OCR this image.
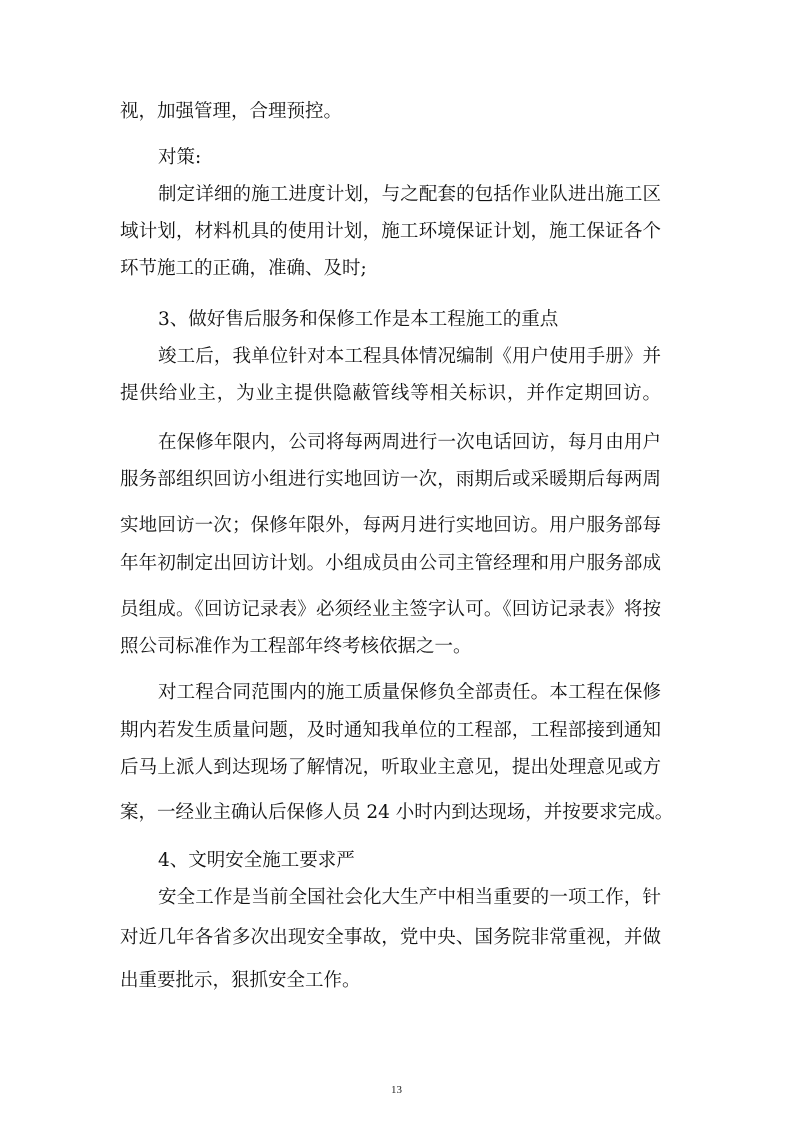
视，加强管理，合理预控。

对策:

制定详细的施工进度计划，与之配套的包括作业队进出施工区

域计划，材料机具的使用计划，施工环境保证计划，施工保证各个

环节施工的正确，准确、及时;

3、做好售后服务和保修工作是本工程施工的重点

竣工后，我单位针对本工程具体情况编制《用户使用手册》并

提供给业主，为业主提供隐蔽管线等相关标识，并作定期回访。

在保修年限内，公司将每两周进行一次电话回访，每月由用户

服务部组织回访小组进行实地回访一次，雨期后或采暖期后每两周

实地回访一次；保修年限外，每两月进行实地回访。用户服务部每

年年初制定出回访计划。小组成员由公司主管经理和用户服务部成

员组成。《回访记录表》必须经业主签字认可。《回访记录表》将按

照公司标准作为工程部年终考核依据之一。

对工程合同范围内的施工质量保修负全部责任。本工程在保修

期内若发生质量问题，及时通知我单位的工程部，工程部接到通知

后马上派人到达现场了解情况，听取业主意见，提出处理意见或方

案，一经业主确认后保修人员 24 小时内到达现场，并按要求完成。

4、文明安全施工要求严

安全工作是当前全国社会化大生产中相当重要的一项工作，针

对近几年各省多次出现安全事故，党中央、国务院非常重视，并做

出重要批示，狠抓安全工作。

13
